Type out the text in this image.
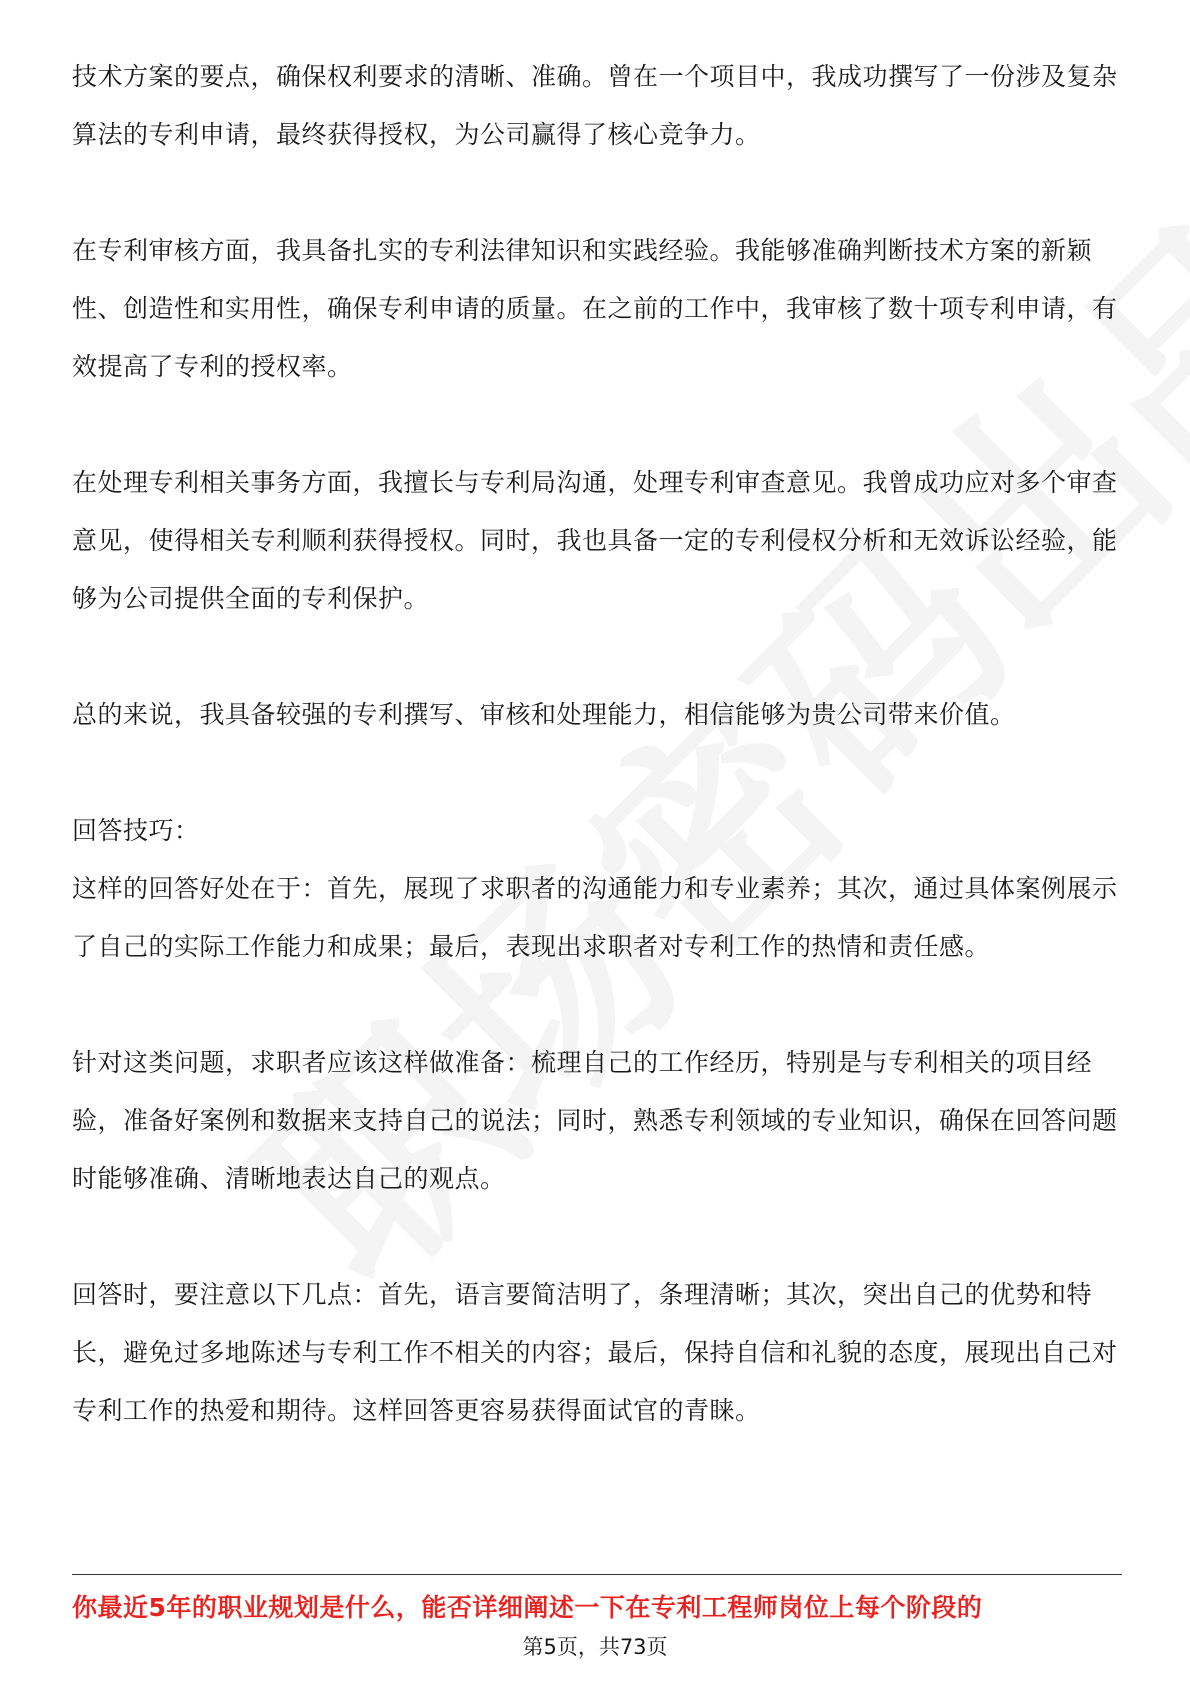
技术方案的要点，确保权利要求的清晰、准确。曾在一个项目中，我成功撰写了一份涉及复杂算法的专利申请，最终获得授权，为公司赢得了核心竞争力。

在专利审核方面，我具备扎实的专利法律知识和实践经验。我能够准确判断技术方案的新颖性、创造性和实用性，确保专利申请的质量。在之前的工作中，我审核了数十项专利申请，有效提高了专利的授权率。

在处理专利相关事务方面，我擅长与专利局沟通，处理专利审查意见。我曾成功应对多个审查意见，使得相关专利顺利获得授权。同时，我也具备一定的专利侵权分析和无效诉讼经验，能够为公司提供全面的专利保护。

总的来说，我具备较强的专利撰写、审核和处理能力，相信能够为贵公司带来价值。

回答技巧：

这样的回答好处在于：首先，展现了求职者的沟通能力和专业素养；其次，通过具体案例展示了自己的实际工作能力和成果；最后，表现出求职者对专利工作的热情和责任感。

针对这类问题，求职者应该这样做准备：梳理自己的工作经历，特别是与专利相关的项目经验，准备好案例和数据来支持自己的说法；同时，熟悉专利领域的专业知识，确保在回答问题时能够准确、清晰地表达自己的观点。

回答时，要注意以下几点：首先，语言要简洁明了，条理清晰；其次，突出自己的优势和特长，避免过多地陈述与专利工作不相关的内容；最后，保持自信和礼貌的态度，展现出自己对专利工作的热爱和期待。这样回答更容易获得面试官的青睐。

你最近5年的职业规划是什么，能否详细阐述一下在专利工程师岗位上每个阶段的
第5页，共73页
